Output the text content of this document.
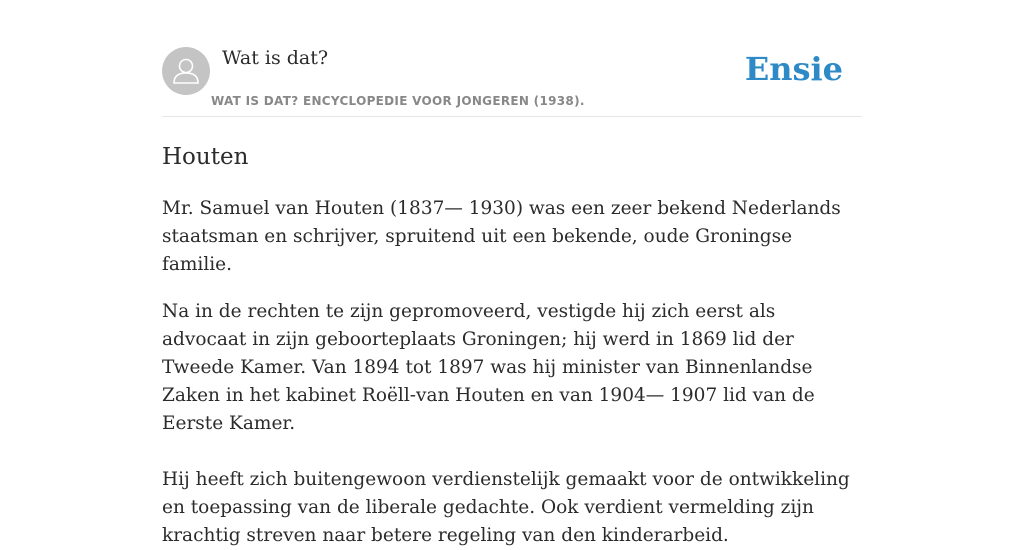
Wat is dat?
WAT IS DAT? ENCYCLOPEDIE VOOR JONGEREN (1938).
Ensie
Houten

Mr. Samuel van Houten (1837— 1930) was een zeer bekend Nederlands staatsman en schrijver, spruitend uit een bekende, oude Groningse familie.

Na in de rechten te zijn gepromoveerd, vestigde hij zich eerst als advocaat in zijn geboorteplaats Groningen; hij werd in 1869 lid der Tweede Kamer. Van 1894 tot 1897 was hij minister van Binnenlandse Zaken in het kabinet Roëll-van Houten en van 1904— 1907 lid van de Eerste Kamer.

Hij heeft zich buitengewoon verdienstelijk gemaakt voor de ontwikkeling en toepassing van de liberale gedachte. Ook verdient vermelding zijn krachtig streven naar betere regeling van den kinderarbeid.
